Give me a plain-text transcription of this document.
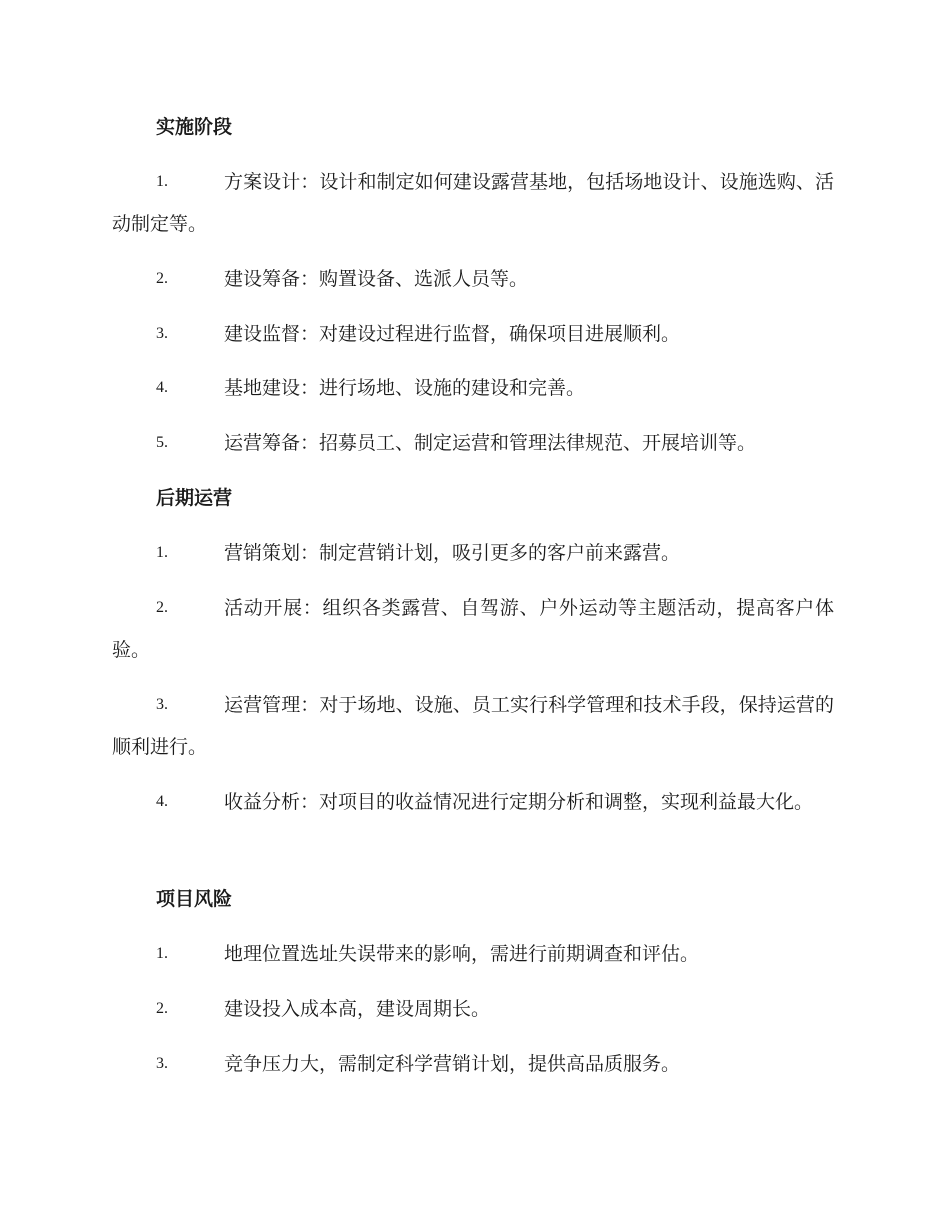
实施阶段

1.	方案设计：设计和制定如何建设露营基地，包括场地设计、设施选购、活动制定等。

2.	建设筹备：购置设备、选派人员等。

3.	建设监督：对建设过程进行监督，确保项目进展顺利。

4.	基地建设：进行场地、设施的建设和完善。

5.	运营筹备：招募员工、制定运营和管理法律规范、开展培训等。

后期运营

1.	营销策划：制定营销计划，吸引更多的客户前来露营。

2.	活动开展：组织各类露营、自驾游、户外运动等主题活动，提高客户体验。

3.	运营管理：对于场地、设施、员工实行科学管理和技术手段，保持运营的顺利进行。

4.	收益分析：对项目的收益情况进行定期分析和调整，实现利益最大化。

项目风险

1.	地理位置选址失误带来的影响，需进行前期调查和评估。

2.	建设投入成本高，建设周期长。

3.	竞争压力大，需制定科学营销计划，提供高品质服务。
